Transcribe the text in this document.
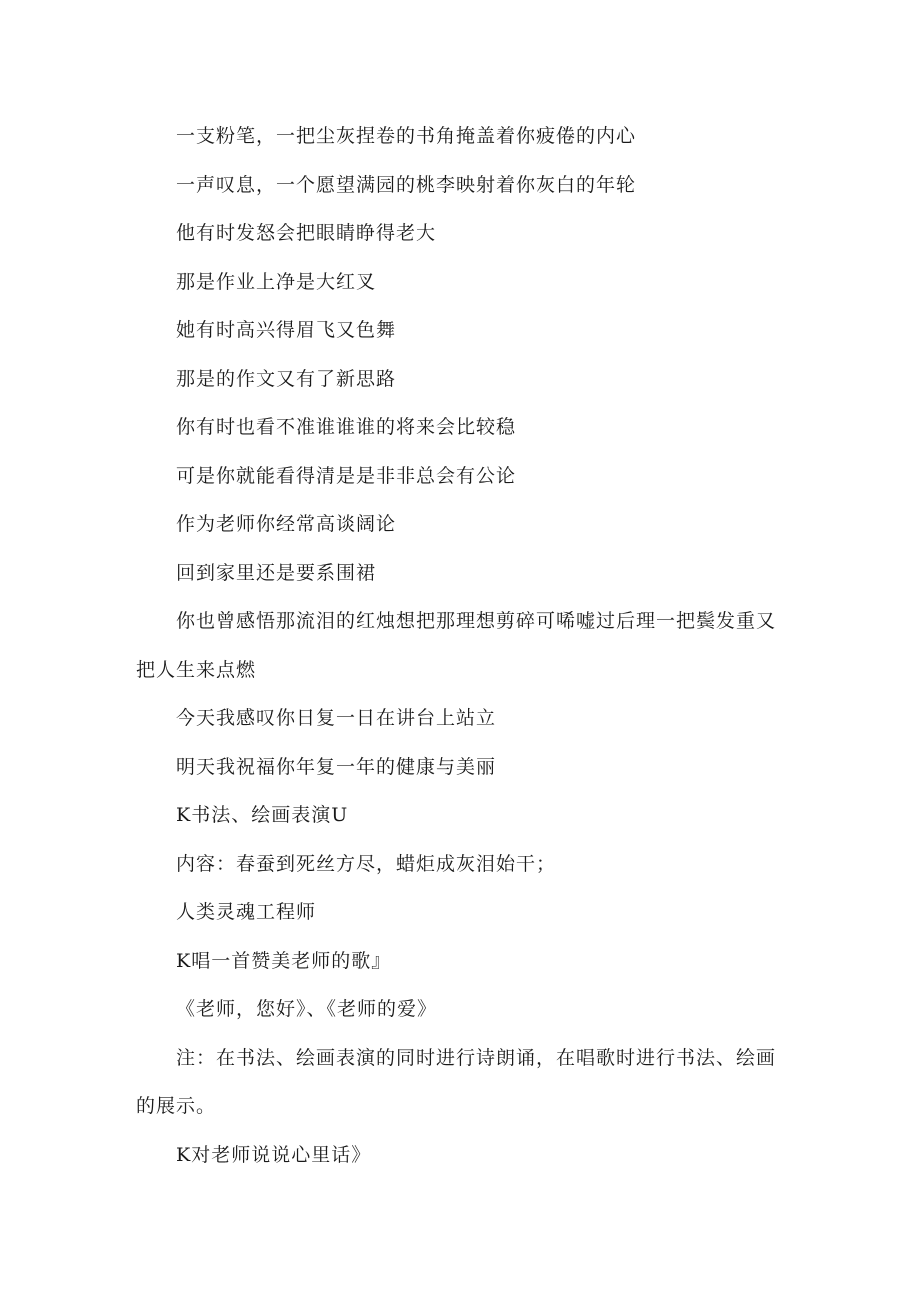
一支粉笔，一把尘灰捏卷的书角掩盖着你疲倦的内心

一声叹息，一个愿望满园的桃李映射着你灰白的年轮

他有时发怒会把眼睛睁得老大

那是作业上净是大红叉

她有时高兴得眉飞又色舞

那是的作文又有了新思路

你有时也看不准谁谁谁的将来会比较稳

可是你就能看得清是是非非总会有公论

作为老师你经常高谈阔论

回到家里还是要系围裙

你也曾感悟那流泪的红烛想把那理想剪碎可唏嘘过后理一把鬓发重又把人生来点燃

今天我感叹你日复一日在讲台上站立

明天我祝福你年复一年的健康与美丽

K书法、绘画表演U

内容：春蚕到死丝方尽，蜡炬成灰泪始干；

人类灵魂工程师

K唱一首赞美老师的歌』

《老师，您好》、《老师的爱》

注：在书法、绘画表演的同时进行诗朗诵，在唱歌时进行书法、绘画的展示。

K对老师说说心里话》
